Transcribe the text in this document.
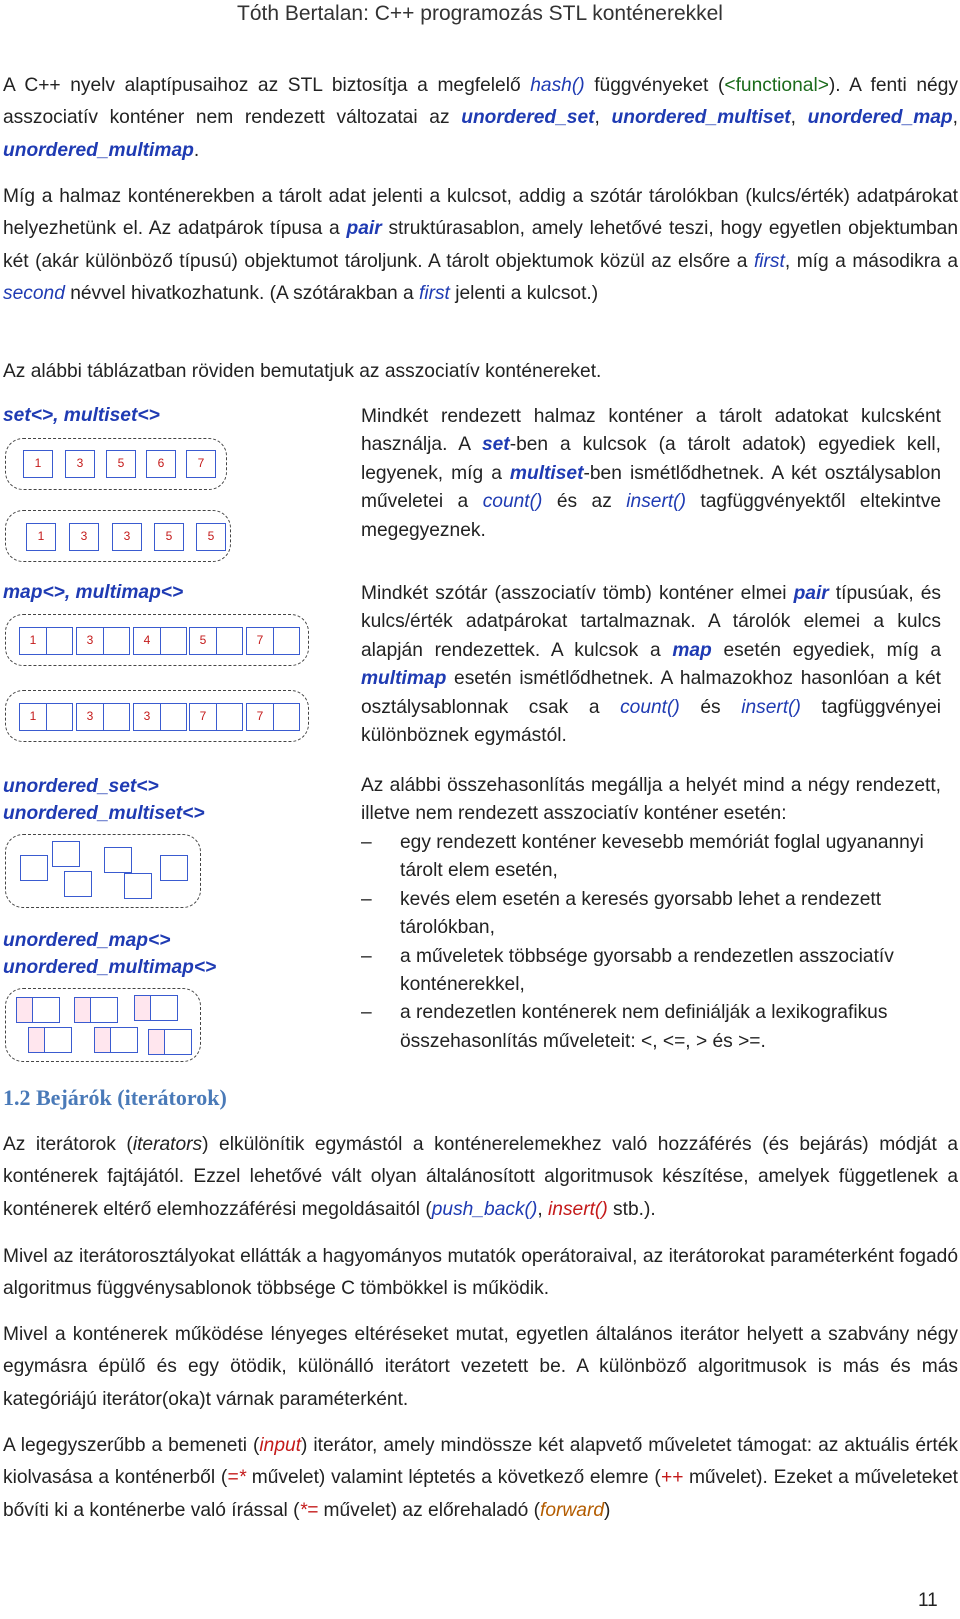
Tóth Bertalan: C++ programozás STL konténerekkel

A C++ nyelv alaptípusaihoz az STL biztosítja a megfelelő hash() függvényeket (<functional>). A fenti négy asszociatív konténer nem rendezett változatai az unordered_set, unordered_multiset, unordered_map, unordered_multimap.

Míg a halmaz konténerekben a tárolt adat jelenti a kulcsot, addig a szótár tárolókban (kulcs/érték) adatpárokat helyezhetünk el. Az adatpárok típusa a pair struktúrasablon, amely lehetővé teszi, hogy egyetlen objektumban két (akár különböző típusú) objektumot tároljunk. A tárolt objektumok közül az elsőre a first, míg a másodikra a second névvel hivatkozhatunk. (A szótárakban a first jelenti a kulcsot.)

Az alábbi táblázatban röviden bemutatjuk az asszociatív konténereket.

set<>, multiset<>
1	3	5	6	7
1	3	3	5	5

Mindkét rendezett halmaz konténer a tárolt adatokat kulcsként használja. A set-ben a kulcsok (a tárolt adatok) egyediek kell, legyenek, míg a multiset-ben ismétlődhetnek. A két osztálysablon műveletei a count() és az insert() tagfüggvényektől eltekintve megegyeznek.

map<>, multimap<>
1	3	4	5	7
1	3	3	7	7

Mindkét szótár (asszociatív tömb) konténer elmei pair típusúak, és kulcs/érték adatpárokat tartalmaznak. A tárolók elemei a kulcs alapján rendezettek. A kulcsok a map esetén egyediek, míg a multimap esetén ismétlődhetnek. A halmazokhoz hasonlóan a két osztálysablonnak csak a count() és insert() tagfüggvényei különböznek egymástól.

unordered_set<>
unordered_multiset<>
unordered_map<>
unordered_multimap<>

Az alábbi összehasonlítás megállja a helyét mind a négy rendezett, illetve nem rendezett asszociatív konténer esetén:

– egy rendezett konténer kevesebb memóriát foglal ugyanannyi tárolt elem esetén,
– kevés elem esetén a keresés gyorsabb lehet a rendezett tárolókban,
– a műveletek többsége gyorsabb a rendezetlen asszociatív konténerekkel,
– a rendezetlen konténerek nem definiálják a lexikografikus összehasonlítás műveleteit: <, <=, > és >=.
1.2 Bejárók (iterátorok)

Az iterátorok (iterators) elkülönítik egymástól a konténerelemekhez való hozzáférés (és bejárás) módját a konténerek fajtájától. Ezzel lehetővé vált olyan általánosított algoritmusok készítése, amelyek függetlenek a konténerek eltérő elemhozzáférési megoldásaitól (push_back(), insert() stb.).

Mivel az iterátorosztályokat ellátták a hagyományos mutatók operátoraival, az iterátorokat paraméterként fogadó algoritmus függvénysablonok többsége C tömbökkel is működik.

Mivel a konténerek működése lényeges eltéréseket mutat, egyetlen általános iterátor helyett a szabvány négy egymásra épülő és egy ötödik, különálló iterátort vezetett be. A különböző algoritmusok is más és más kategóriájú iterátor(oka)t várnak paraméterként.

A legegyszerűbb a bemeneti (input) iterátor, amely mindössze két alapvető műveletet támogat: az aktuális érték kiolvasása a konténerből (=* művelet) valamint léptetés a következő elemre (++ művelet). Ezeket a műveleteket bővíti ki a konténerbe való írással (*= művelet) az előrehaladó (forward)

11
